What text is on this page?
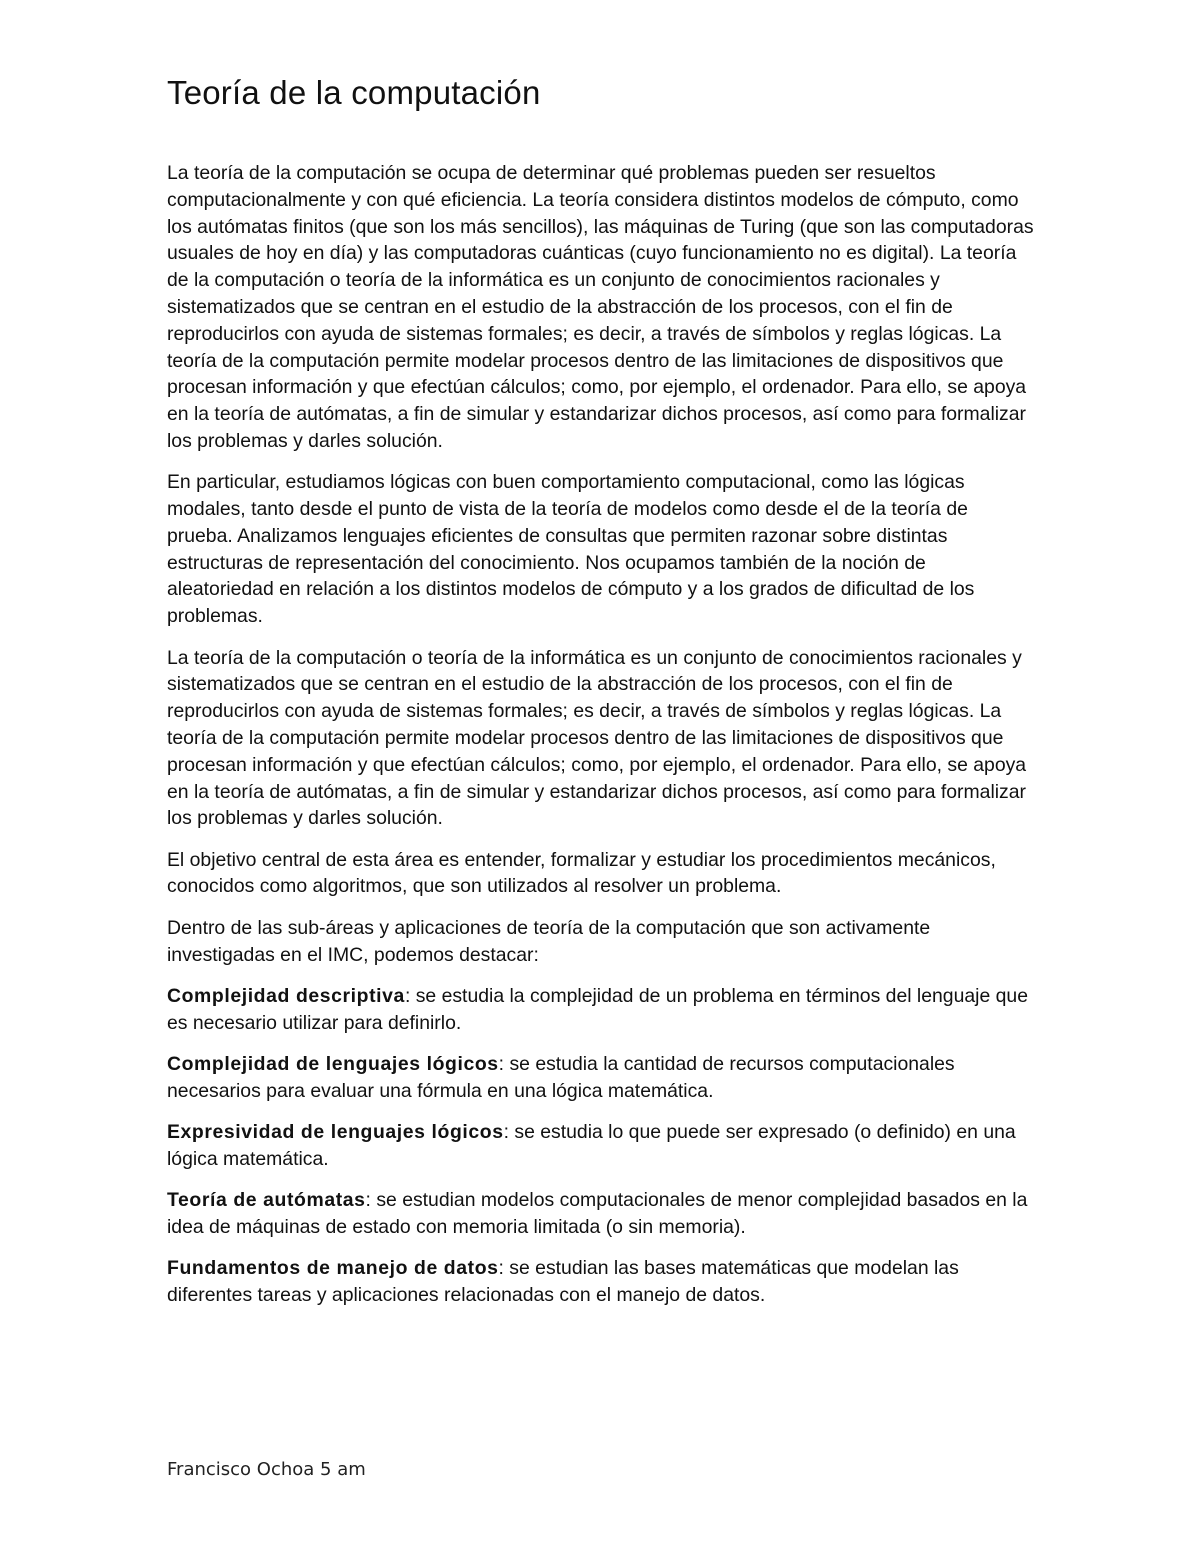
Teoría de la computación

La teoría de la computación se ocupa de determinar qué problemas pueden ser resueltos computacionalmente y con qué eficiencia. La teoría considera distintos modelos de cómputo, como los autómatas finitos (que son los más sencillos), las máquinas de Turing (que son las computadoras usuales de hoy en día) y las computadoras cuánticas (cuyo funcionamiento no es digital). La teoría de la computación o teoría de la informática es un conjunto de conocimientos racionales y sistematizados que se centran en el estudio de la abstracción de los procesos, con el fin de reproducirlos con ayuda de sistemas formales; es decir, a través de símbolos y reglas lógicas. La teoría de la computación permite modelar procesos dentro de las limitaciones de dispositivos que procesan información y que efectúan cálculos; como, por ejemplo, el ordenador. Para ello, se apoya en la teoría de autómatas, a fin de simular y estandarizar dichos procesos, así como para formalizar los problemas y darles solución.

En particular, estudiamos lógicas con buen comportamiento computacional, como las lógicas modales, tanto desde el punto de vista de la teoría de modelos como desde el de la teoría de prueba. Analizamos lenguajes eficientes de consultas que permiten razonar sobre distintas estructuras de representación del conocimiento. Nos ocupamos también de la noción de aleatoriedad en relación a los distintos modelos de cómputo y a los grados de dificultad de los problemas.

La teoría de la computación o teoría de la informática es un conjunto de conocimientos racionales y sistematizados que se centran en el estudio de la abstracción de los procesos, con el fin de reproducirlos con ayuda de sistemas formales; es decir, a través de símbolos y reglas lógicas. La teoría de la computación permite modelar procesos dentro de las limitaciones de dispositivos que procesan información y que efectúan cálculos; como, por ejemplo, el ordenador. Para ello, se apoya en la teoría de autómatas, a fin de simular y estandarizar dichos procesos, así como para formalizar los problemas y darles solución.

El objetivo central de esta área es entender, formalizar y estudiar los procedimientos mecánicos, conocidos como algoritmos, que son utilizados al resolver un problema.

Dentro de las sub-áreas y aplicaciones de teoría de la computación que son activamente investigadas en el IMC, podemos destacar:

Complejidad descriptiva: se estudia la complejidad de un problema en términos del lenguaje que es necesario utilizar para definirlo.

Complejidad de lenguajes lógicos: se estudia la cantidad de recursos computacionales necesarios para evaluar una fórmula en una lógica matemática.

Expresividad de lenguajes lógicos: se estudia lo que puede ser expresado (o definido) en una lógica matemática.

Teoría de autómatas: se estudian modelos computacionales de menor complejidad basados en la idea de máquinas de estado con memoria limitada (o sin memoria).

Fundamentos de manejo de datos: se estudian las bases matemáticas que modelan las diferentes tareas y aplicaciones relacionadas con el manejo de datos.

Francisco Ochoa 5 am
